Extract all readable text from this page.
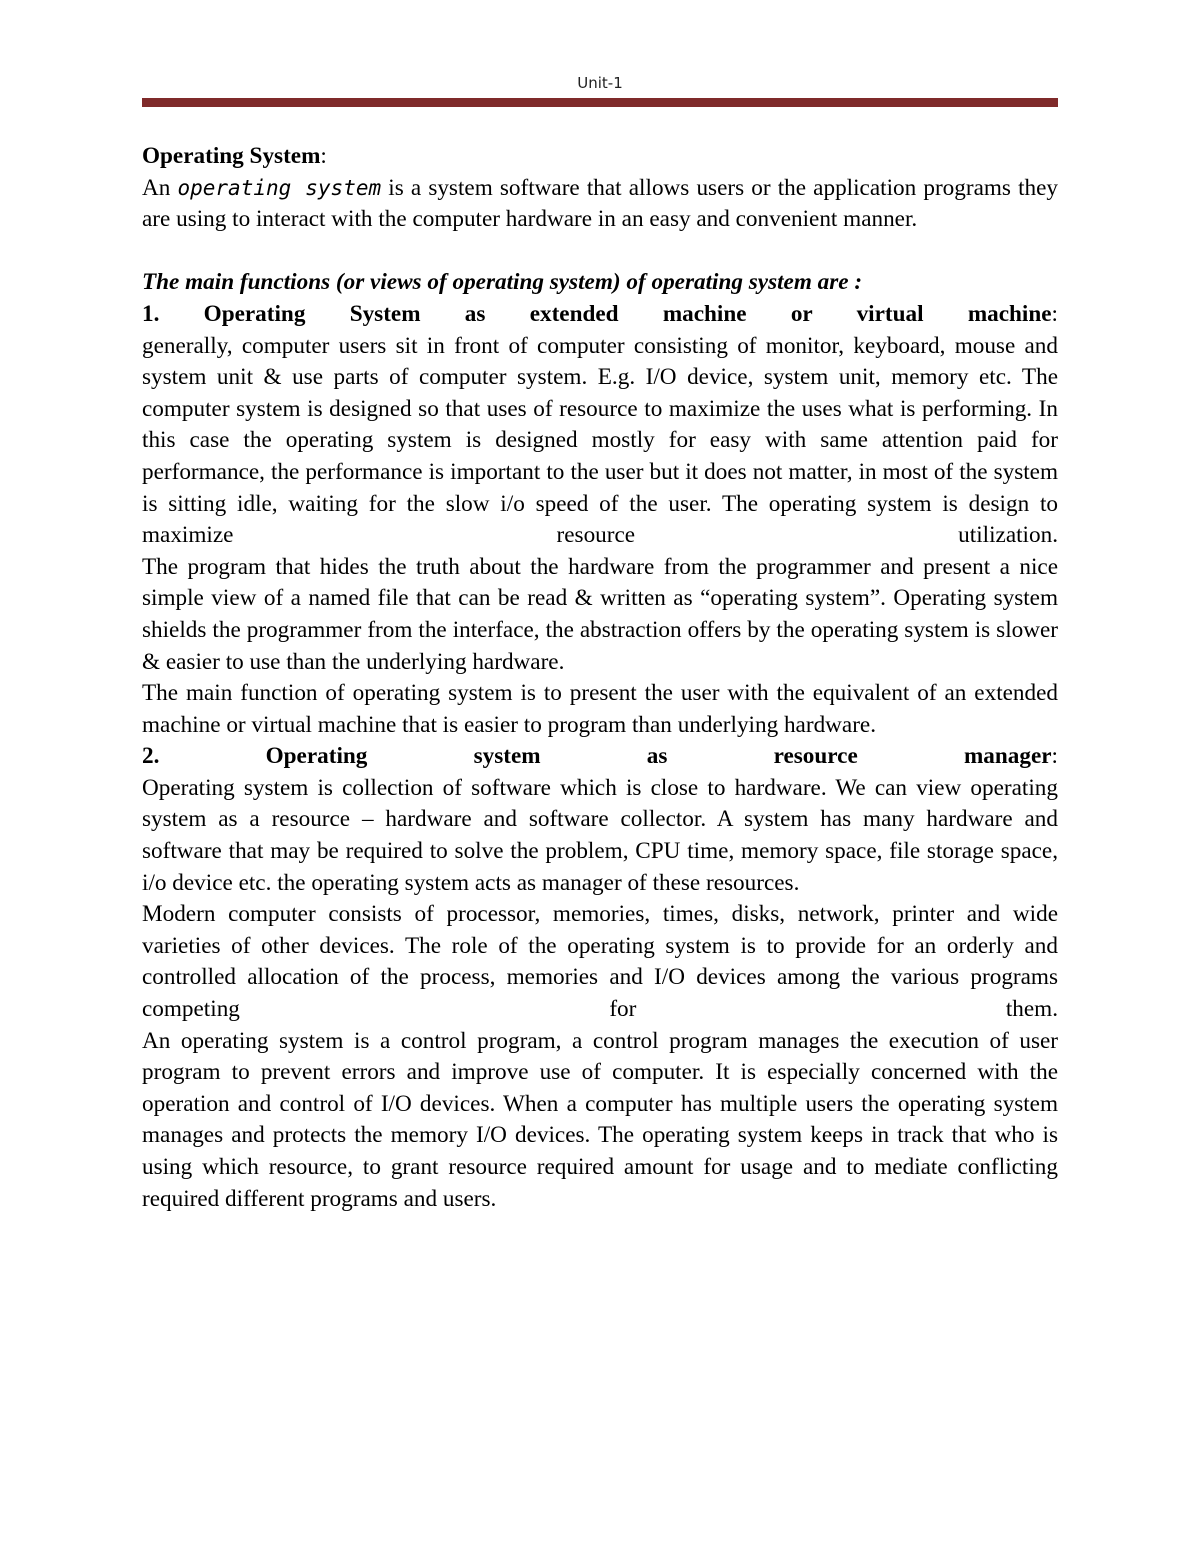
Unit-1

Operating System:

An operating system is a system software that allows users or the application programs they are using to interact with the computer hardware in an easy and convenient manner.

The main functions (or views of operating system) of operating system are :

1. Operating System as extended machine or virtual machine:

generally, computer users sit in front of computer consisting of monitor, keyboard, mouse and system unit & use parts of computer system. E.g. I/O device, system unit, memory etc. The computer system is designed so that uses of resource to maximize the uses what is performing. In this case the operating system is designed mostly for easy with same attention paid for performance, the performance is important to the user but it does not matter, in most of the system is sitting idle, waiting for the slow i/o speed of the user. The operating system is design to maximize resource utilization.

The program that hides the truth about the hardware from the programmer and present a nice simple view of a named file that can be read & written as “operating system”. Operating system shields the programmer from the interface, the abstraction offers by the operating system is slower & easier to use than the underlying hardware.

The main function of operating system is to present the user with the equivalent of an extended machine or virtual machine that is easier to program than underlying hardware.

2. Operating system as resource manager:

Operating system is collection of software which is close to hardware. We can view operating system as a resource – hardware and software collector. A system has many hardware and software that may be required to solve the problem, CPU time, memory space, file storage space, i/o device etc. the operating system acts as manager of these resources.

Modern computer consists of processor, memories, times, disks, network, printer and wide varieties of other devices. The role of the operating system is to provide for an orderly and controlled allocation of the process, memories and I/O devices among the various programs competing for them.

An operating system is a control program, a control program manages the execution of user program to prevent errors and improve use of computer. It is especially concerned with the operation and control of I/O devices. When a computer has multiple users the operating system manages and protects the memory I/O devices. The operating system keeps in track that who is using which resource, to grant resource required amount for usage and to mediate conflicting required different programs and users.
